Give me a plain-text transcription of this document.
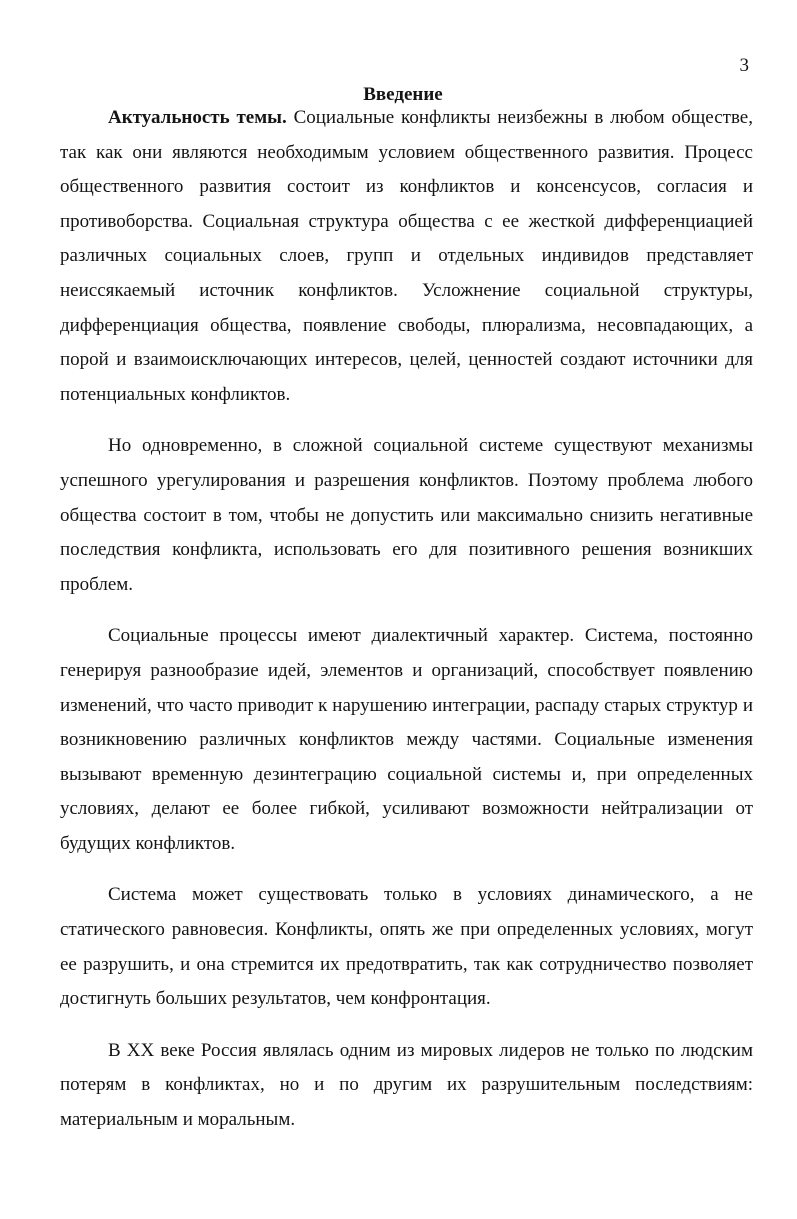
3
Введение

Актуальность темы. Социальные конфликты неизбежны в любом обществе, так как они являются необходимым условием общественного развития. Процесс общественного развития состоит из конфликтов и консенсусов, согласия и противоборства. Социальная структура общества с ее жесткой дифференциацией различных социальных слоев, групп и отдельных индивидов представляет неиссякаемый источник конфликтов. Усложнение социальной структуры, дифференциация общества, появление свободы, плюрализма, несовпадающих, а порой и взаимоисключающих интересов, целей, ценностей создают источники для потенциальных конфликтов.

Но одновременно, в сложной социальной системе существуют механизмы успешного урегулирования и разрешения конфликтов. Поэтому проблема любого общества состоит в том, чтобы не допустить или максимально снизить негативные последствия конфликта, использовать его для позитивного решения возникших проблем.

Социальные процессы имеют диалектичный характер. Система, постоянно генерируя разнообразие идей, элементов и организаций, способствует появлению изменений, что часто приводит к нарушению интеграции, распаду старых структур и возникновению различных конфликтов между частями. Социальные изменения вызывают временную дезинтеграцию социальной системы и, при определенных условиях, делают ее более гибкой, усиливают возможности нейтрализации от будущих конфликтов.

Система может существовать только в условиях динамического, а не статического равновесия. Конфликты, опять же при определенных условиях, могут ее разрушить, и она стремится их предотвратить, так как сотрудничество позволяет достигнуть больших результатов, чем конфронтация.

В XX веке Россия являлась одним из мировых лидеров не только по людским потерям в конфликтах, но и по другим их разрушительным последствиям: материальным и моральным.
